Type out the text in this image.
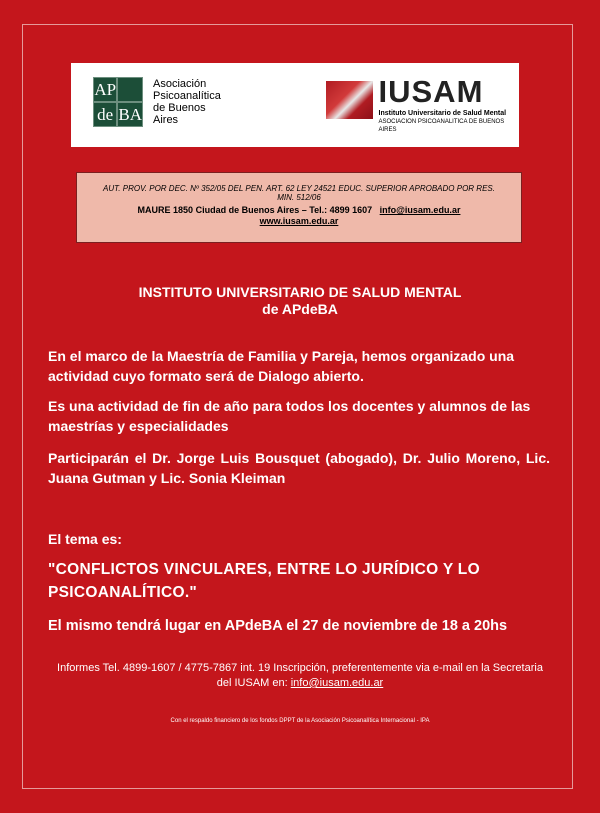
AP
de BA
Asociación
Psicoanalítica
de Buenos Aires
IUSAM
Instituto Universitario de Salud Mental
ASOCIACION PSICOANALITICA DE BUENOS AIRES
AUT. PROV. POR DEC. Nº 352/05 DEL PEN. ART. 62 LEY 24521 EDUC. SUPERIOR APROBADO POR RES. MIN. 512/06
MAURE 1850 Ciudad de Buenos Aires – Tel.: 4899 1607 info@iusam.edu.ar
www.iusam.edu.ar
INSTITUTO UNIVERSITARIO DE SALUD MENTAL
de APdeBA

En el marco de la Maestría de Familia y Pareja, hemos organizado una actividad cuyo formato será de Dialogo abierto.

Es una actividad de fin de año para todos los docentes y alumnos de las maestrías y especialidades

Participarán el Dr. Jorge Luis Bousquet (abogado), Dr. Julio Moreno, Lic. Juana Gutman y Lic. Sonia Kleiman

El tema es:

"CONFLICTOS VINCULARES, ENTRE LO JURÍDICO Y LO PSICOANALÍTICO."

El mismo tendrá lugar en APdeBA el 27 de noviembre de 18 a 20hs

Informes Tel. 4899-1607 / 4775-7867 int. 19 Inscripción, preferentemente via e-mail en la Secretaria del IUSAM en: info@iusam.edu.ar
Con el respaldo financiero de los fondos DPPT de la Asociación Psicoanalítica Internacional - IPA
